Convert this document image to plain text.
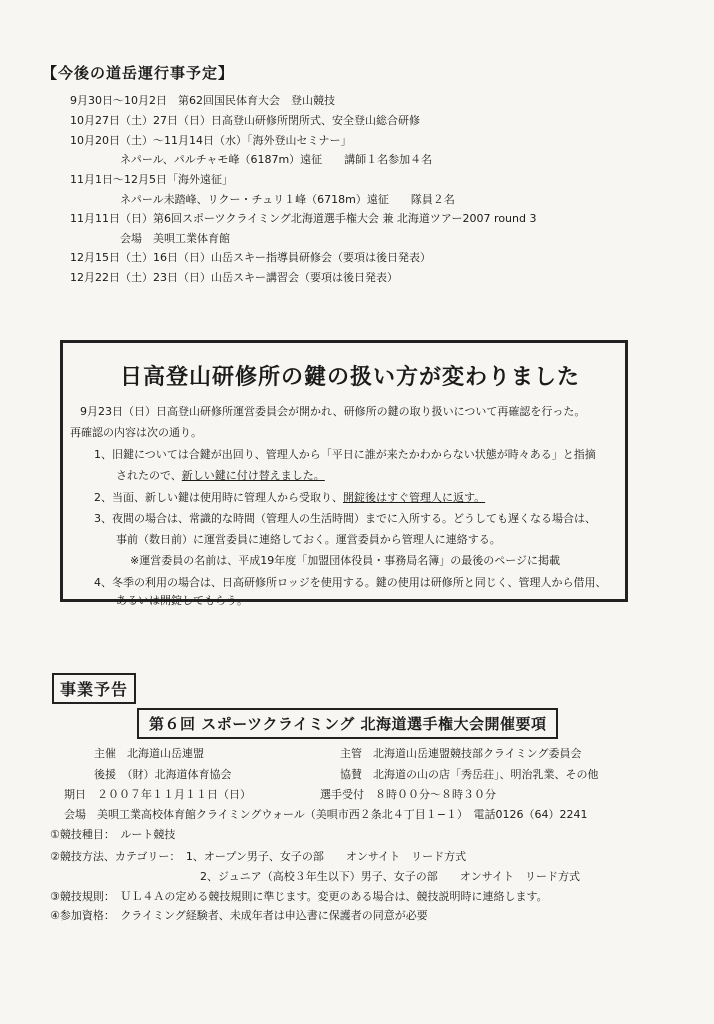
【今後の道岳運行事予定】
9月30日～10月2日　第62回国民体育大会　登山競技
10月27日（土）27日（日）日高登山研修所閉所式、安全登山総合研修
10月20日（土）～11月14日（水）「海外登山セミナー」
ネパール、パルチャモ峰（6187m）遠征　　講師１名参加４名
11月1日～12月5日「海外遠征」
ネパール未踏峰、リクー・チュリ１峰（6718m）遠征　　隊員２名
11月11日（日）第6回スポーツクライミング北海道選手権大会 兼 北海道ツアー2007 round 3
会場　美唄工業体育館
12月15日（土）16日（日）山岳スキー指導員研修会（要項は後日発表）
12月22日（土）23日（日）山岳スキー講習会（要項は後日発表）
日高登山研修所の鍵の扱い方が変わりました
9月23日（日）日高登山研修所運営委員会が開かれ、研修所の鍵の取り扱いについて再確認を行った。
再確認の内容は次の通り。
1、旧鍵については合鍵が出回り、管理人から「平日に誰が来たかわからない状態が時々ある」と指摘
されたので、新しい鍵に付け替えました。
2、当面、新しい鍵は使用時に管理人から受取り、開錠後はすぐ管理人に返す。
3、夜間の場合は、常識的な時間（管理人の生活時間）までに入所する。どうしても遅くなる場合は、
事前（数日前）に運営委員に連絡しておく。運営委員から管理人に連絡する。
※運営委員の名前は、平成19年度「加盟団体役員・事務局名簿」の最後のページに掲載
4、冬季の利用の場合は、日高研修所ロッジを使用する。鍵の使用は研修所と同じく、管理人から借用、
あるいは開錠してもらう。
事業予告
第６回 スポーツクライミング 北海道選手権大会開催要項
主催　北海道山岳連盟	主管　北海道山岳連盟競技部クライミング委員会
後援　（財）北海道体育協会	協賛　北海道の山の店「秀岳荘」、明治乳業、その他
期日　２００７年１１月１１日（日）	選手受付　８時００分～８時３０分
会場　美唄工業高校体育館クライミングウォール（美唄市西２条北４丁目１−１）　電話0126（64）2241
①競技種目：　ルート競技
②競技方法、カテゴリー：　1、オープン男子、女子の部　　オンサイト　リード方式
2、ジュニア（高校３年生以下）男子、女子の部　　オンサイト　リード方式
③競技規則：　ＵＬ４Ａの定める競技規則に準じます。変更のある場合は、競技説明時に連絡します。
④参加資格：　クライミング経験者、未成年者は申込書に保護者の同意が必要
